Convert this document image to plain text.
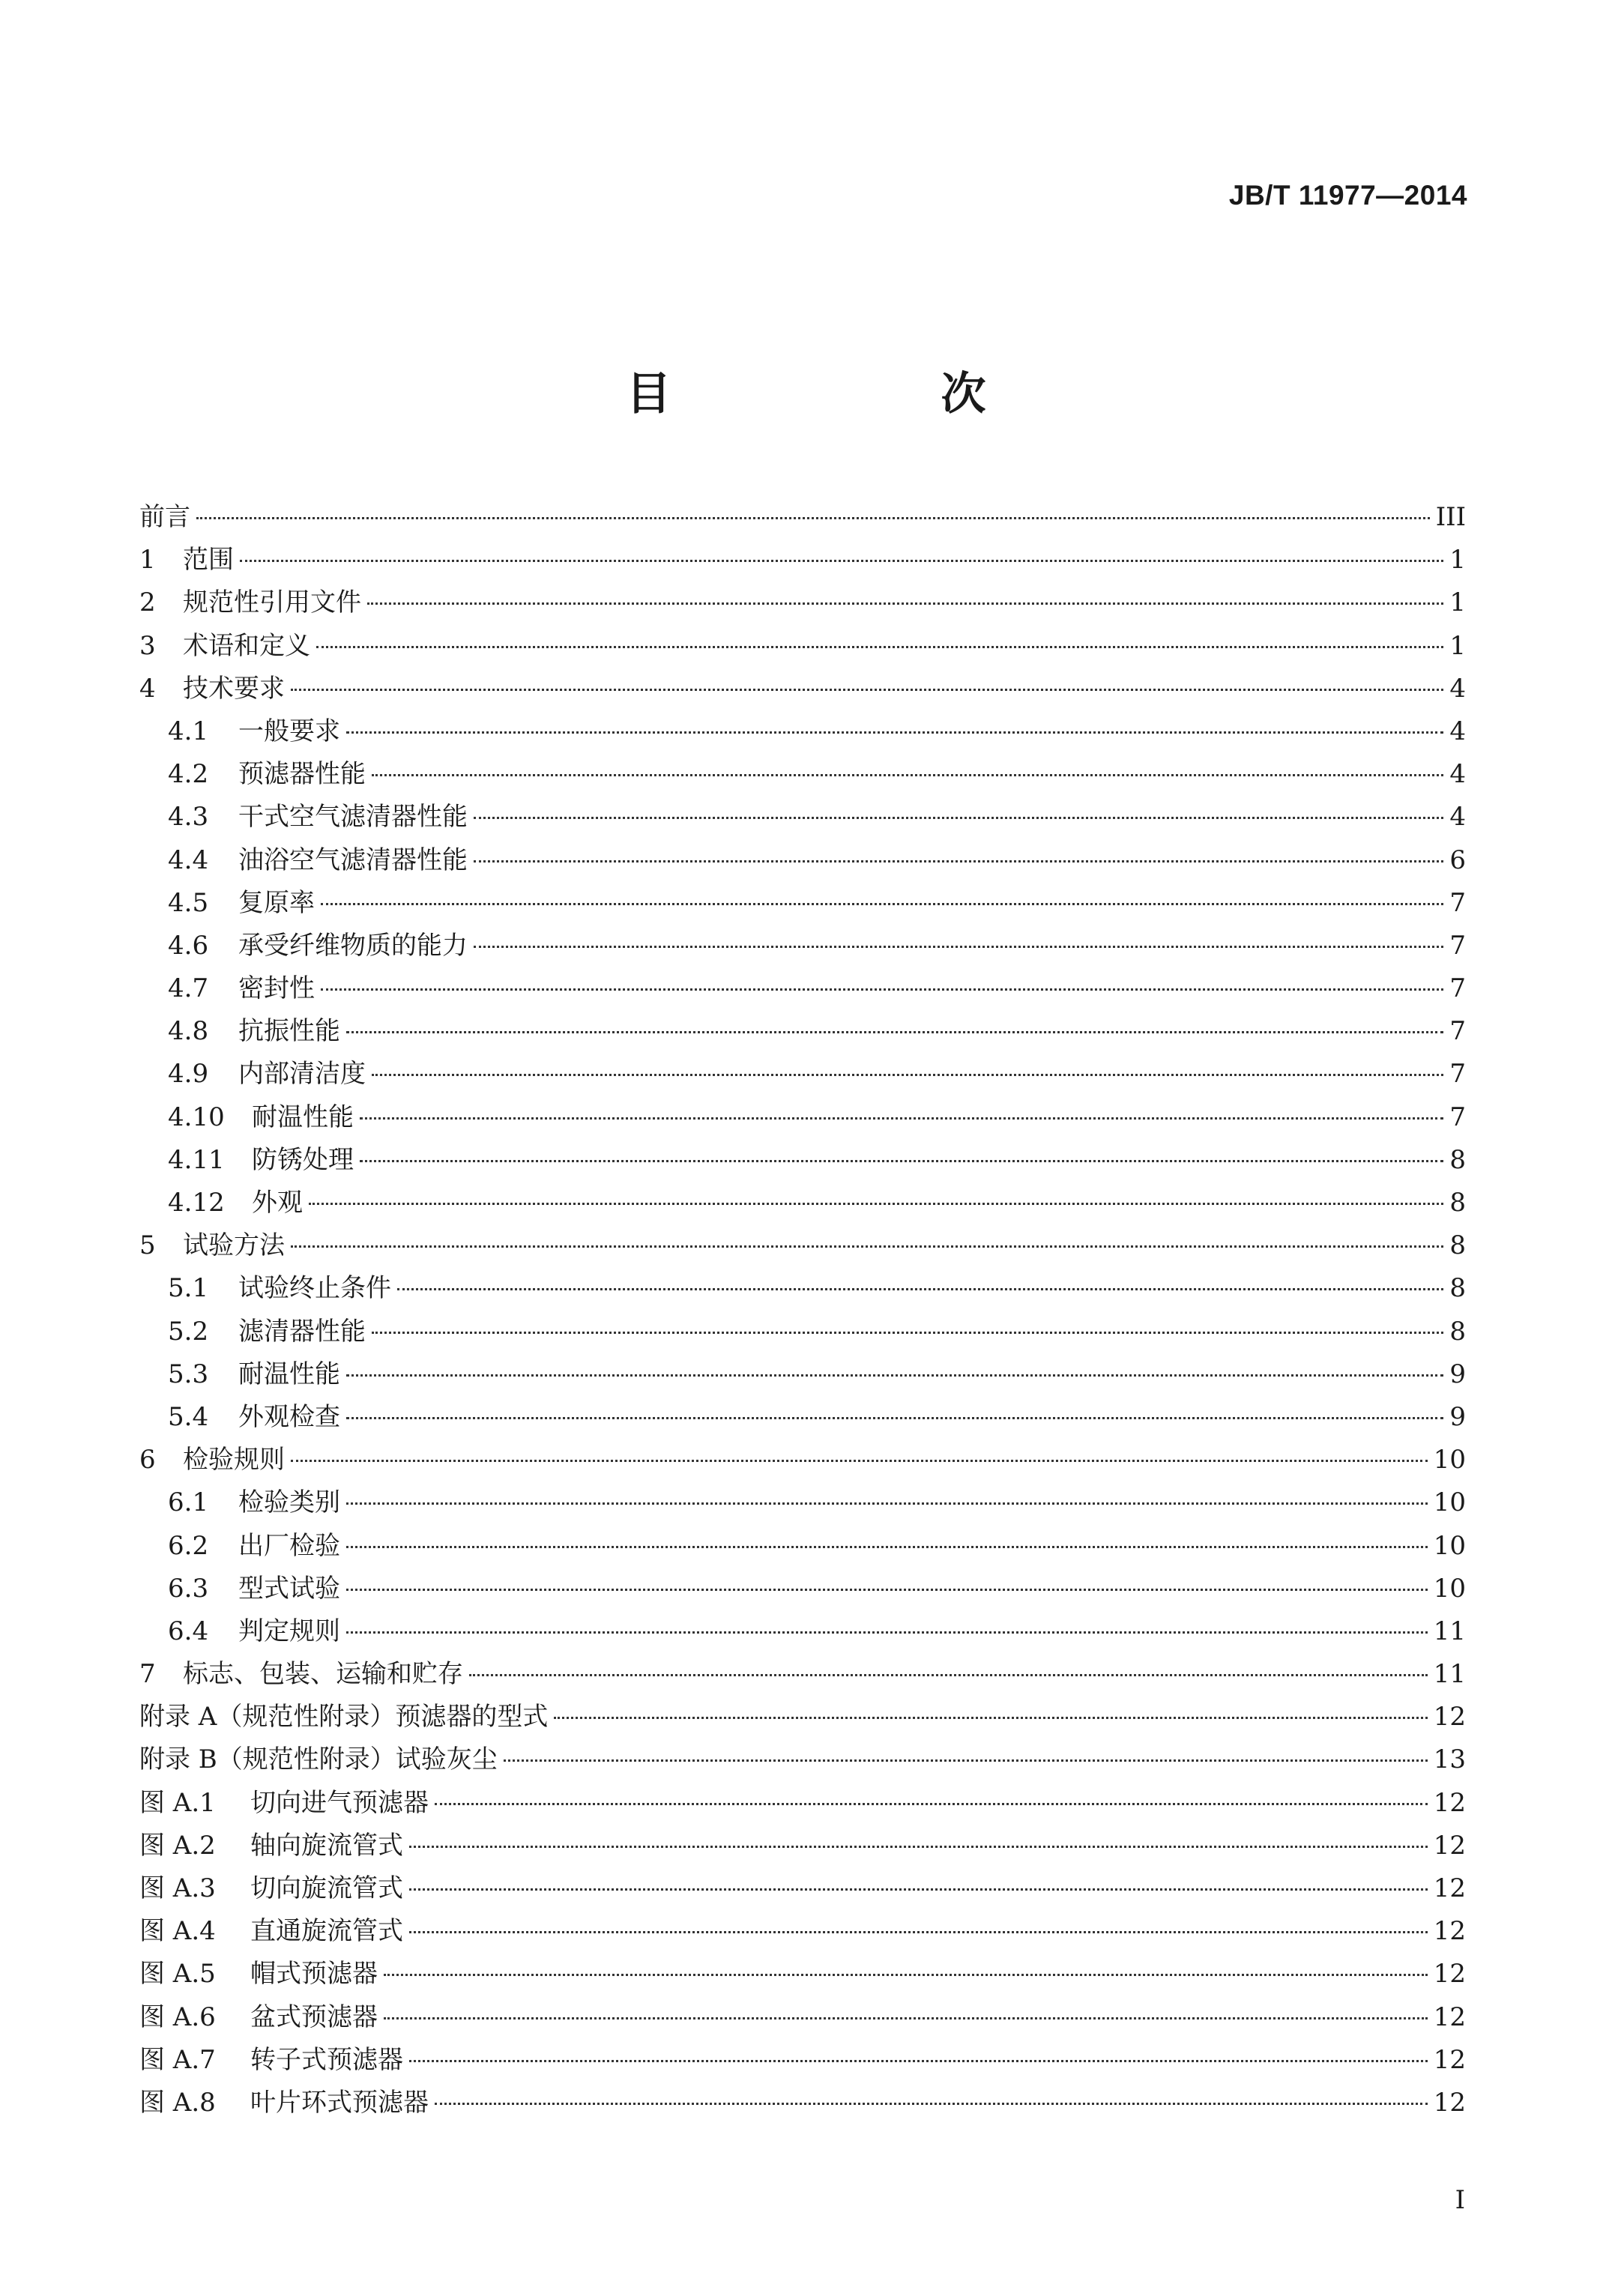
JB/T 11977—2014
目　次
前言	III
1	范围	1
2	规范性引用文件	1
3	术语和定义	1
4	技术要求	4
4.1	一般要求	4
4.2	预滤器性能	4
4.3	干式空气滤清器性能	4
4.4	油浴空气滤清器性能	6
4.5	复原率	7
4.6	承受纤维物质的能力	7
4.7	密封性	7
4.8	抗振性能	7
4.9	内部清洁度	7
4.10	耐温性能	7
4.11	防锈处理	8
4.12	外观	8
5	试验方法	8
5.1	试验终止条件	8
5.2	滤清器性能	8
5.3	耐温性能	9
5.4	外观检查	9
6	检验规则	10
6.1	检验类别	10
6.2	出厂检验	10
6.3	型式试验	10
6.4	判定规则	11
7	标志、包装、运输和贮存	11
附录 A（规范性附录）预滤器的型式	12
附录 B（规范性附录）试验灰尘	13
图 A.1	切向进气预滤器	12
图 A.2	轴向旋流管式	12
图 A.3	切向旋流管式	12
图 A.4	直通旋流管式	12
图 A.5	帽式预滤器	12
图 A.6	盆式预滤器	12
图 A.7	转子式预滤器	12
图 A.8	叶片环式预滤器	12
I
